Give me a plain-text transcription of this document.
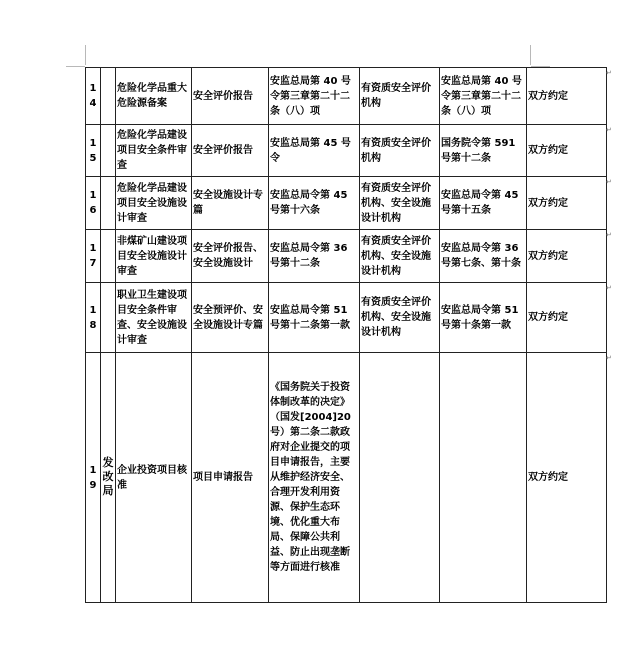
14		危险化学品重大危险源备案	安全评价报告	安监总局第 40 号令第三章第二十二条（八）项	有资质安全评价机构	安监总局第 40 号令第三章第二十二条（八）项	双方约定
15		危险化学品建设项目安全条件审查	安全评价报告	安监总局第 45 号令	有资质安全评价机构	国务院令第 591 号第十二条	双方约定
16		危险化学品建设项目安全设施设计审查	安全设施设计专篇	安监总局令第 45 号第十六条	有资质安全评价机构、安全设施设计机构	安监总局令第 45 号第十五条	双方约定
17		非煤矿山建设项目安全设施设计审查	安全评价报告、安全设施设计	安监总局令第 36 号第十二条	有资质安全评价机构、安全设施设计机构	安监总局令第 36 号第七条、第十条	双方约定
18		职业卫生建设项目安全条件审查、安全设施设计审查	安全预评价、安全设施设计专篇	安监总局令第 51 号第十二条第一款	有资质安全评价机构、安全设施设计机构	安监总局令第 51 号第十条第一款	双方约定
19	发改局	企业投资项目核准	项目申请报告	《国务院关于投资体制改革的决定》（国发[2004]20 号）第二条二款政府对企业提交的项目申请报告，主要从维护经济安全、合理开发利用资源、保护生态环境、优化重大布局、保障公共利益、防止出现垄断等方面进行核准			双方约定
↵
↵
↵
↵
↵
↵
